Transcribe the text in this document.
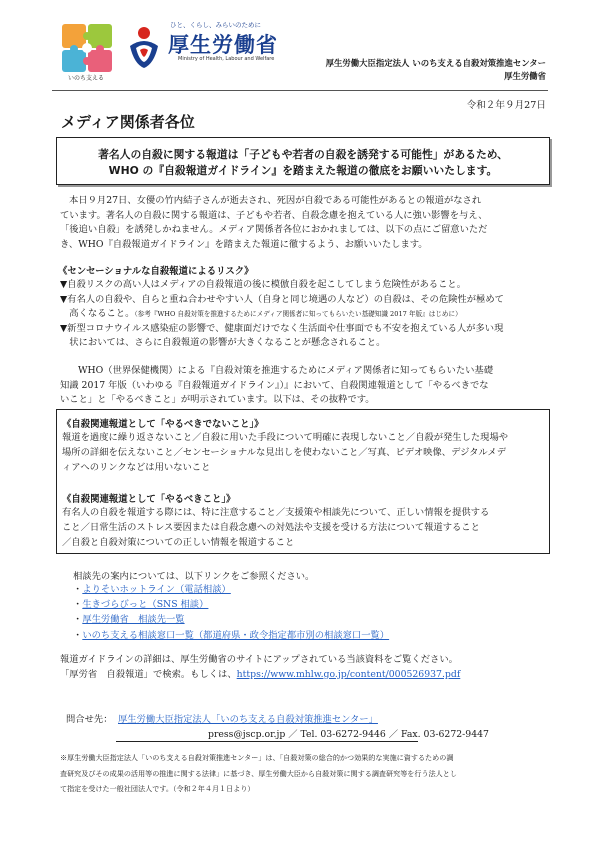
いのち支える
ひと、くらし、みらいのために
厚生労働省
Ministry of Health, Labour and Welfare	厚生労働大臣指定法人 いのち支える自殺対策推進センター
厚生労働省
令和２年９月27日
メディア関係者各位
著名人の自殺に関する報道は「子どもや若者の自殺を誘発する可能性」があるため、
WHO の『自殺報道ガイドライン』を踏まえた報道の徹底をお願いいたします。

本日９月27日、女優の竹内結子さんが逝去され、死因が自殺である可能性があるとの報道がなされ

ています。著名人の自殺に関する報道は、子どもや若者、自殺念慮を抱えている人に強い影響を与え、

「後追い自殺」を誘発しかねません。メディア関係者各位におかれましては、以下の点にご留意いただ

き、WHO『自殺報道ガイドライン』を踏まえた報道に徹するよう、お願いいたします。

《センセーショナルな自殺報道によるリスク》

▼自殺リスクの高い人はメディアの自殺報道の後に模倣自殺を起こしてしまう危険性があること。

▼有名人の自殺や、自らと重ね合わせやすい人（自身と同じ境遇の人など）の自殺は、その危険性が極めて

　高くなること。（参考『WHO 自殺対策を推進するためにメディア関係者に知ってもらいたい基礎知識 2017 年版』はじめに）

▼新型コロナウイルス感染症の影響で、健康面だけでなく生活面や仕事面でも不安を抱えている人が多い現

　状においては、さらに自殺報道の影響が大きくなることが懸念されること。

WHO（世界保健機関）による『自殺対策を推進するためにメディア関係者に知ってもらいたい基礎

知識 2017 年版（いわゆる『自殺報道ガイドライン』）』において、自殺関連報道として「やるべきでな

いこと」と「やるべきこと」が明示されています。以下は、その抜粋です。

《自殺関連報道として「やるべきでないこと」》

報道を過度に繰り返さないこと／自殺に用いた手段について明確に表現しないこと／自殺が発生した現場や

場所の詳細を伝えないこと／センセーショナルな見出しを使わないこと／写真、ビデオ映像、デジタルメデ

ィアへのリンクなどは用いないこと

《自殺関連報道として「やるべきこと」》

有名人の自殺を報道する際には、特に注意すること／支援策や相談先について、正しい情報を提供する

こと／日常生活のストレス要因または自殺念慮への対処法や支援を受ける方法について報道すること

／自殺と自殺対策についての正しい情報を報道すること

相談先の案内については、以下リンクをご参照ください。
・よりそいホットライン（電話相談）
・生きづらびっと（SNS 相談）
・厚生労働省　相談先一覧
・いのち支える相談窓口一覧（都道府県・政令指定都市別の相談窓口一覧）

報道ガイドラインの詳細は、厚生労働省のサイトにアップされている当該資料をご覧ください。

「厚労省　自殺報道」で検索。もしくは、https://www.mhlw.go.jp/content/000526937.pdf

問合せ先： 厚生労働大臣指定法人「いのち支える自殺対策推進センター」
press@jscp.or.jp ／ Tel. 03-6272-9446 ／ Fax. 03-6272-9447

※厚生労働大臣指定法人「いのち支える自殺対策推進センター」は、「自殺対策の総合的かつ効果的な実施に資するための調

査研究及びその成果の活用等の推進に関する法律」に基づき、厚生労働大臣から自殺対策に関する調査研究等を行う法人とし

て指定を受けた一般社団法人です。（令和２年４月１日より）
